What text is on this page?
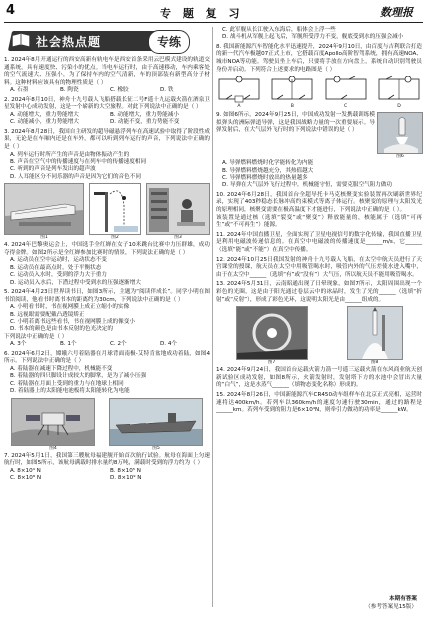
4	专 题 复 习	数理报
社会热点题	专练

1. 2024年8月开通运行的西安高新有轨电车是西安首条采用云巴模式建设的轨道交通系统，具有速度快、污染小的优点。当电车运行时，由于高速移动，车内乘客处的空气流速大、压强小，为了保持车内的空气清新，车的顶部装有新型高分子材料。这种材料应该具有的物理性质是（ ）

A. 石墨	B. 陶瓷	C. 橡胶	D. 铁

2. 2024年8月10日，神舟十九号载人飞船搭载长征二号F遥十九运载火箭在酒泉卫星发射中心成功发射，这是一个崭新的大空旅程。对此下列说法中正确的是（ ）

A. 动能增大，重力势能增大	B. 动能增大，重力势能减小
C. 动能减小，重力势能增大	D. 动能不变，重力势能不变

3. 2024年8月28日，我国自主研发的超导磁悬浮列车在高速试验中取得了阶段性成果，无论是在车厢内还是在车外，都可以听到列车运行的声音，下列说法中正确的是（ ）

A. 列车运行时所产生的声音是由物体振动产生的

B. 声音在空气中的传播速度与在列车中的传播速度相同

C. 听到的声音是列车发出的超声波

D. 人耳能区分不同乐器的声音是因为它们的音色不同

图1	图2	图3

4. 2024年巴黎奥运会上，中国选手全红婵在女子10米跳台比赛中力压群雄，成功夺得金牌。如图2所示是全红婵参加比赛时的情景，下列说法正确的是（ ）

A. 运动员在空中运动时，运动状态不变

B. 运动员在最高点时，处于平衡状态

C. 运动员入水时，受到的浮力大于重力

D. 运动员入水后，下潜过程中受到水的压强逐渐增大

5. 2024年4月23日世界读书日，如图3所示，主题为“阅读伴成长”。同学小明在图书馆阅读，他看书时离书本的距离约为30cm，下列说法中正确的是（ ）

A. 小明看书时，书在视网膜上成正立缩小的实像

B. 远视眼需要配戴凸透镜矫正

C. 小明若离书远些看书，书在视网膜上成的像变小

D. 书本的颜色是由书本反射的色光决定的

下列说法中正确的是（ ）

A. 3个	B. 1个	C. 2个	D. 4个

6. 2024年6月2日，嫦娥六号着陆器在月球背面南极-艾特肯盆地成功着陆，如图4所示。下列说法中正确的是（ ）

A. 着陆器在减速下降过程中，机械能不变

B. 着陆器的四只脚设计成较大的脚掌，是为了减小压强

C. 着陆器在月面上受到的重力与在地球上相同

D. 着陆器上的太阳能电池板将太阳能转化为电能

图4	图5

7. 2024年5月1日，我国第三艘航母福建舰开始首次航行试验。航母在海面上匀速航行时，如图5所示，该航母满载时排水量约8万吨，满载时受到的浮力约为（ ）

A. 8×10⁴ N	B. 8×10⁵ N
C. 8×10⁸ N	D. 8×10⁹ N

C. 此军舰从长江驶入东海后，船体会上浮一些

D. 战斗机从军舰上起飞后，军舰所受浮力不变，舰底受到水的压强会减小

8. 我国新能源汽车智能化水平迅速提升，2024年9月10日，由百度与吉利联合打造的新一代汽车极越07正式上市，它搭载百度Apollo高阶智驾系统，拥有高速NOA、城市NOA等功能。驾驶员坐上车后，只要将手放在方向盘上，系统自动识别驾驶员身份并启动。下列符合上述要求的电路图是（ ）

A	B	C	D

9. 如图6所示，2024年9月25日，中国成功发射一发携载训练模拟弹头的洲际弹道导弹，这是我国战略力量的一次重要展示。导弹发射后，在大气层外飞行时的下列说法中错误的是（ ）

图6

A. 导弹燃料燃烧时化学能转化为内能

B. 导弹燃料燃烧越充分，其热值越大

C. 导弹燃料燃烧时放出的热量越多

D. 导弹在大气层外飞行过程中，机械能守恒，需要克服空气阻力做功

10. 2024年6月28日，我国首台全超导托卡马克核聚变实验装置再次刷新世界纪录，实现了403秒稳态长脉冲高约束模式等离子体运行。核聚变的原理与太阳发光的原理相同，核聚变需要在极高温度下才能进行，下列说法中正确的是（ ）。

该装置是通过核（选填“裂变”或“聚变”）释放能量的，核能属于（选填“可再生”或“不可再生”）能源。

11. 2024年中国直播卫星，全面实现了卫星电视信号的数字化传输，我国直播卫星是利用电磁波传递信息的。在真空中电磁波的传播速度是______m/s，它______（选填“能”或“不能”）在真空中传播。

12. 2024年10月25日我国发射的神舟十九号载人飞船，在太空中航天员进行了天宫课堂的授课，航天员在太空中用吸管喝水时，吸管内外的气压差使水进入嘴中，由于在太空中______（选填“有”或“没有”）大气压，所以航天员不能用吸管喝水。

13. 2024年5月31日，云南昭通出现了日晕现象，如图7所示，太阳周围出现一个彩色的光圈，这是由于阳光通过卷层云中的冰晶时，发生了光的______（选填“折射”或“反射”），形成了彩色光环，这说明太阳光是由______组成的。

图7	图8

14. 2024年9月24日，我国首台运载火箭力箭一号遥三运载火箭在东风商业航天创新试验区成功发射，如图8所示，火箭发射时，发射塔下方的水池中会冒出大量的“白气”，这是水蒸气______（填物态变化名称）形成的。

15. 2024年8月26日，中国新能源汽车CR450动车组样车在北京正式亮相，运营时速将达400km/h。若列车以360km/h的速度匀速行驶30min，通过的路程是______km。若列车受到的阻力是6×10⁴N，则牵引力做功的功率是______kW。

本期有答案
（参考答案见15版）
